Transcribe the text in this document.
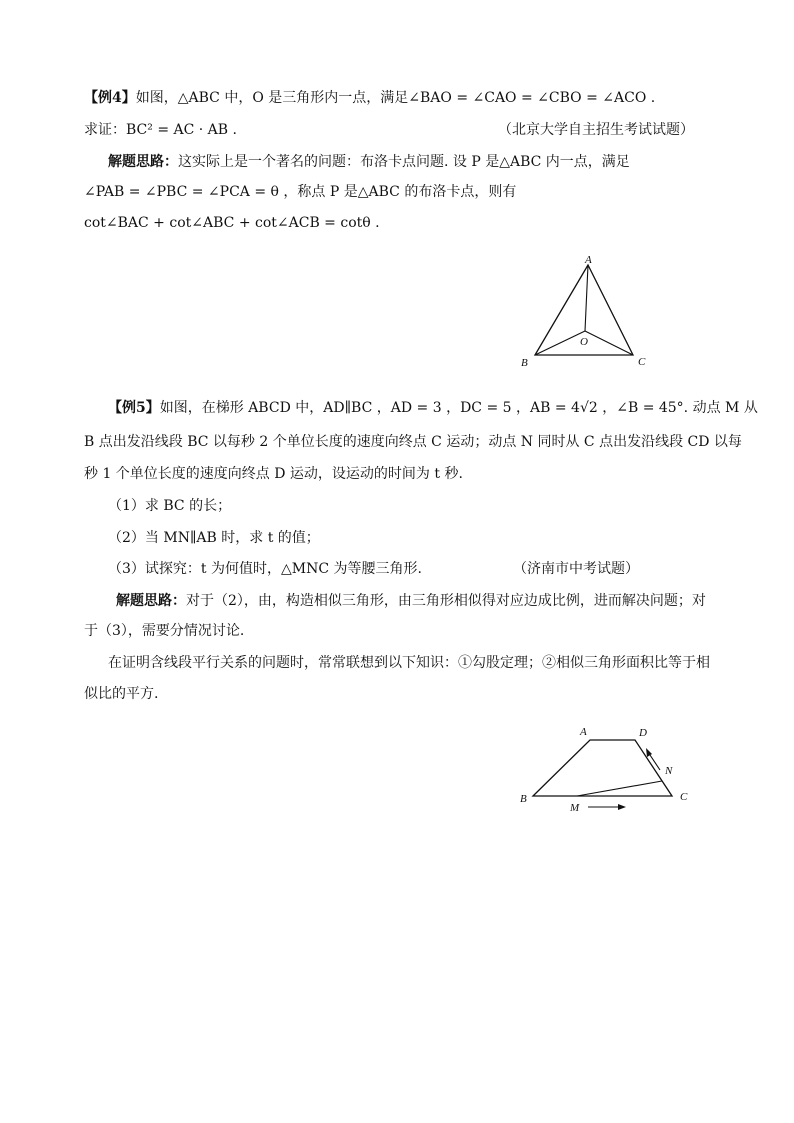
【例4】如图，△ABC 中，O 是三角形内一点，满足∠BAO = ∠CAO = ∠CBO = ∠ACO .
求证：BC² = AC · AB .	（北京大学自主招生考试试题）
解题思路：这实际上是一个著名的问题：布洛卡点问题. 设 P 是△ABC 内一点，满足
∠PAB = ∠PBC = ∠PCA = θ ，称点 P 是△ABC 的布洛卡点，则有
cot∠BAC + cot∠ABC + cot∠ACB = cotθ .
A
B	C
O
【例5】如图，在梯形 ABCD 中，AD∥BC ，AD = 3 ，DC = 5 ，AB = 4√2 ，∠B = 45°. 动点 M 从
B 点出发沿线段 BC 以每秒 2 个单位长度的速度向终点 C 运动；动点 N 同时从 C 点出发沿线段 CD 以每
秒 1 个单位长度的速度向终点 D 运动，设运动的时间为 t 秒.
（1）求 BC 的长；
（2）当 MN∥AB 时，求 t 的值；
（3）试探究：t 为何值时，△MNC 为等腰三角形.	（济南市中考试题）
解题思路：对于（2），由，构造相似三角形，由三角形相似得对应边成比例，进而解决问题；对
于（3），需要分情况讨论.
在证明含线段平行关系的问题时，常常联想到以下知识：①勾股定理；②相似三角形面积比等于相
似比的平方.
A	D
B	C
M
N
